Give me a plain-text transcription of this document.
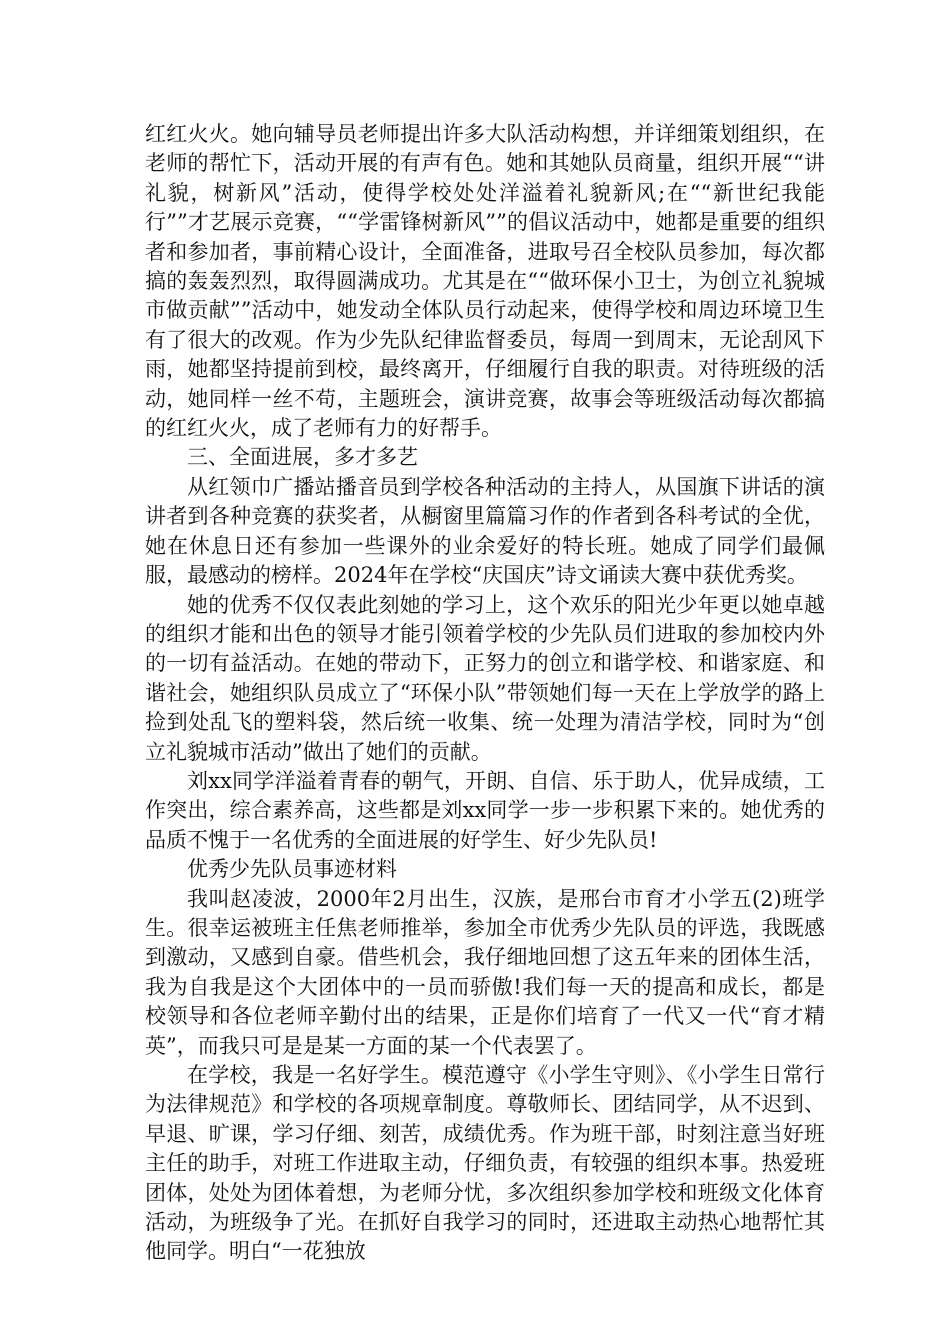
红红火火。她向辅导员老师提出许多大队活动构想，并详细策划组织，在老师的帮忙下，活动开展的有声有色。她和其她队员商量，组织开展““讲礼貌，树新风”活动，使得学校处处洋溢着礼貌新风;在““新世纪我能行””才艺展示竞赛，““学雷锋树新风””的倡议活动中，她都是重要的组织者和参加者，事前精心设计，全面准备，进取号召全校队员参加，每次都搞的轰轰烈烈，取得圆满成功。尤其是在““做环保小卫士，为创立礼貌城市做贡献””活动中，她发动全体队员行动起来，使得学校和周边环境卫生有了很大的改观。作为少先队纪律监督委员，每周一到周末，无论刮风下雨，她都坚持提前到校，最终离开，仔细履行自我的职责。对待班级的活动，她同样一丝不苟，主题班会，演讲竞赛，故事会等班级活动每次都搞的红红火火，成了老师有力的好帮手。

三、全面进展，多才多艺

从红领巾广播站播音员到学校各种活动的主持人，从国旗下讲话的演讲者到各种竞赛的获奖者，从橱窗里篇篇习作的作者到各科考试的全优，她在休息日还有参加一些课外的业余爱好的特长班。她成了同学们最佩服，最感动的榜样。2024年在学校“庆国庆”诗文诵读大赛中获优秀奖。

她的优秀不仅仅表此刻她的学习上，这个欢乐的阳光少年更以她卓越的组织才能和出色的领导才能引领着学校的少先队员们进取的参加校内外的一切有益活动。在她的带动下，正努力的创立和谐学校、和谐家庭、和谐社会，她组织队员成立了“环保小队”带领她们每一天在上学放学的路上捡到处乱飞的塑料袋，然后统一收集、统一处理为清洁学校，同时为“创立礼貌城市活动”做出了她们的贡献。

刘xx同学洋溢着青春的朝气，开朗、自信、乐于助人，优异成绩，工作突出，综合素养高，这些都是刘xx同学一步一步积累下来的。她优秀的品质不愧于一名优秀的全面进展的好学生、好少先队员!

优秀少先队员事迹材料

我叫赵凌波，2000年2月出生，汉族，是邢台市育才小学五(2)班学生。很幸运被班主任焦老师推举，参加全市优秀少先队员的评选，我既感到激动，又感到自豪。借些机会，我仔细地回想了这五年来的团体生活，我为自我是这个大团体中的一员而骄傲!我们每一天的提高和成长，都是校领导和各位老师辛勤付出的结果，正是你们培育了一代又一代“育才精英”，而我只可是是某一方面的某一个代表罢了。

在学校，我是一名好学生。模范遵守《小学生守则》、《小学生日常行为法律规范》和学校的各项规章制度。尊敬师长、团结同学，从不迟到、早退、旷课，学习仔细、刻苦，成绩优秀。作为班干部，时刻注意当好班主任的助手，对班工作进取主动，仔细负责，有较强的组织本事。热爱班团体，处处为团体着想，为老师分忧，多次组织参加学校和班级文化体育活动，为班级争了光。在抓好自我学习的同时，还进取主动热心地帮忙其他同学。明白“一花独放
